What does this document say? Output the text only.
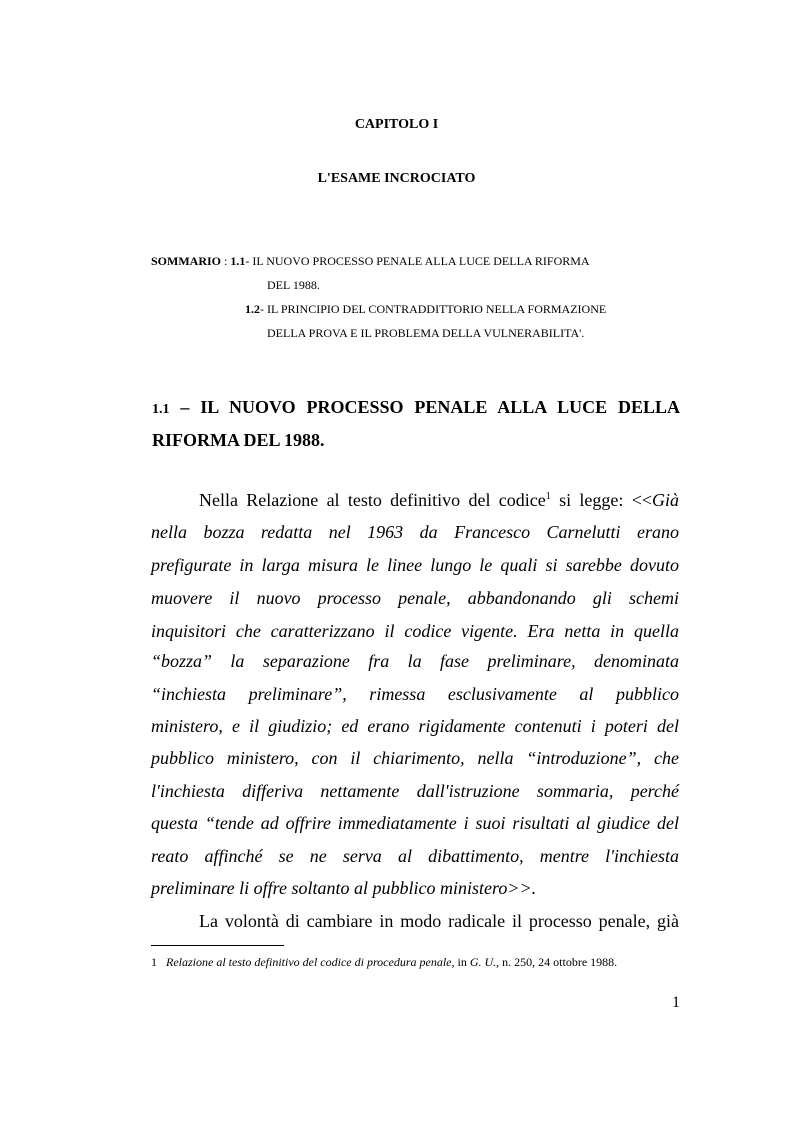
CAPITOLO I
L'ESAME INCROCIATO
SOMMARIO : 1.1- IL NUOVO PROCESSO PENALE ALLA LUCE DELLA RIFORMA
DEL 1988.
1.2- IL PRINCIPIO DEL CONTRADDITTORIO NELLA FORMAZIONE
DELLA PROVA E IL PROBLEMA DELLA VULNERABILITA'.
1.1 – IL NUOVO PROCESSO PENALE ALLA LUCE DELLA
RIFORMA DEL 1988.
Nella Relazione al testo definitivo del codice$^1$ si legge: <<Già
nella bozza redatta nel 1963 da Francesco Carnelutti erano
prefigurate in larga misura le linee lungo le quali si sarebbe dovuto
muovere il nuovo processo penale, abbandonando gli schemi
inquisitori che caratterizzano il codice vigente. Era netta in quella
“bozza” la separazione fra la fase preliminare, denominata
“inchiesta preliminare”, rimessa esclusivamente al pubblico
ministero, e il giudizio; ed erano rigidamente contenuti i poteri del
pubblico ministero, con il chiarimento, nella “introduzione”, che
l'inchiesta differiva nettamente dall'istruzione sommaria, perché
questa “tende ad offrire immediatamente i suoi risultati al giudice del
reato affinché se ne serva al dibattimento, mentre l'inchiesta
preliminare li offre soltanto al pubblico ministero>>.
La volontà di cambiare in modo radicale il processo penale, già
1 Relazione al testo definitivo del codice di procedura penale, in G. U., n. 250, 24 ottobre 1988.
1
